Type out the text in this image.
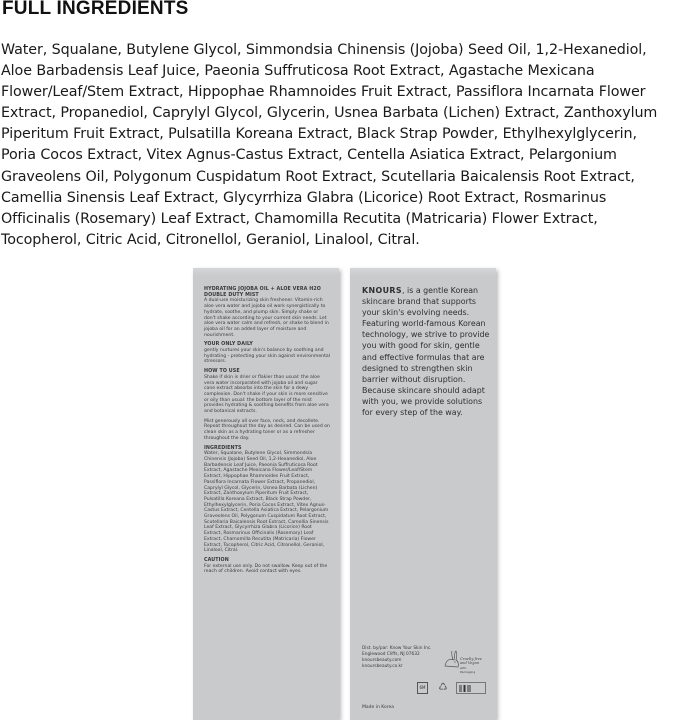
FULL INGREDIENTS
Water, Squalane, Butylene Glycol, Simmondsia Chinensis (Jojoba) Seed Oil, 1,2-Hexanediol,
Aloe Barbadensis Leaf Juice, Paeonia Suffruticosa Root Extract, Agastache Mexicana
Flower/Leaf/Stem Extract, Hippophae Rhamnoides Fruit Extract, Passiflora Incarnata Flower
Extract, Propanediol, Caprylyl Glycol, Glycerin, Usnea Barbata (Lichen) Extract, Zanthoxylum
Piperitum Fruit Extract, Pulsatilla Koreana Extract, Black Strap Powder, Ethylhexylglycerin,
Poria Cocos Extract, Vitex Agnus-Castus Extract, Centella Asiatica Extract, Pelargonium
Graveolens Oil, Polygonum Cuspidatum Root Extract, Scutellaria Baicalensis Root Extract,
Camellia Sinensis Leaf Extract, Glycyrrhiza Glabra (Licorice) Root Extract, Rosmarinus
Officinalis (Rosemary) Leaf Extract, Chamomilla Recutita (Matricaria) Flower Extract,
Tocopherol, Citric Acid, Citronellol, Geraniol, Linalool, Citral.
HYDRATING JOJOBA OIL + ALOE VERA H2O
DOUBLE DUTY MIST
A dual-use moisturizing skin freshener. Vitamin-rich aloe vera water and jojoba oil work synergistically to hydrate, soothe, and plump skin. Simply shake or don't shake according to your current skin needs. Let aloe vera water calm and refresh, or shake to blend in jojoba oil for an added layer of moisture and nourishment.
YOUR ONLY DAILY
gently nurtures your skin's balance by soothing and hydrating - protecting your skin against environmental stressors.
HOW TO USE
Shake if skin is drier or flakier than usual: the aloe vera water incorporated with jojoba oil and sugar cane extract absorbs into the skin for a dewy complexion. Don't shake if your skin is more sensitive or oily than usual: the bottom layer of the mist provides hydrating & soothing benefits from aloe vera and botanical extracts.
Mist generously all over face, neck, and decollete. Repeat throughout the day as desired. Can be used on clean skin as a hydrating toner or as a refresher throughout the day.
INGREDIENTS
Water, Squalane, Butylene Glycol, Simmondsia Chinensis (Jojoba) Seed Oil, 1,2-Hexanediol, Aloe Barbadensis Leaf Juice, Paeonia Suffruticosa Root Extract, Agastache Mexicana Flower/Leaf/Stem Extract, Hippophae Rhamnoides Fruit Extract, Passiflora Incarnata Flower Extract, Propanediol, Caprylyl Glycol, Glycerin, Usnea Barbata (Lichen) Extract, Zanthoxylum Piperitum Fruit Extract, Pulsatilla Koreana Extract, Black Strap Powder, Ethylhexylglycerin, Poria Cocos Extract, Vitex Agnus-Castus Extract, Centella Asiatica Extract, Pelargonium Graveolens Oil, Polygonum Cuspidatum Root Extract, Scutellaria Baicalensis Root Extract, Camellia Sinensis Leaf Extract, Glycyrrhiza Glabra (Licorice) Root Extract, Rosmarinus Officinalis (Rosemary) Leaf Extract, Chamomilla Recutita (Matricaria) Flower Extract, Tocopherol, Citric Acid, Citronellol, Geraniol, Linalool, Citral.
CAUTION
For external use only. Do not swallow. Keep out of the reach of children. Avoid contact with eyes.
KNOURS, is a gentle Korean skincare brand that supports your skin's evolving needs. Featuring world-famous Korean technology, we strive to provide you with good for skin, gentle and effective formulas that are designed to strengthen skin barrier without disruption. Because skincare should adapt with you, we provide solutions for every step of the way.
Dist. by/par: Know Your Skin Inc.
Englewood Cliffs, NJ 07632
knoursbeauty.com
knoursbeauty.co.kr
Cruelty free
and Vegan
with
Packaging
6M ♺
Made in Korea
